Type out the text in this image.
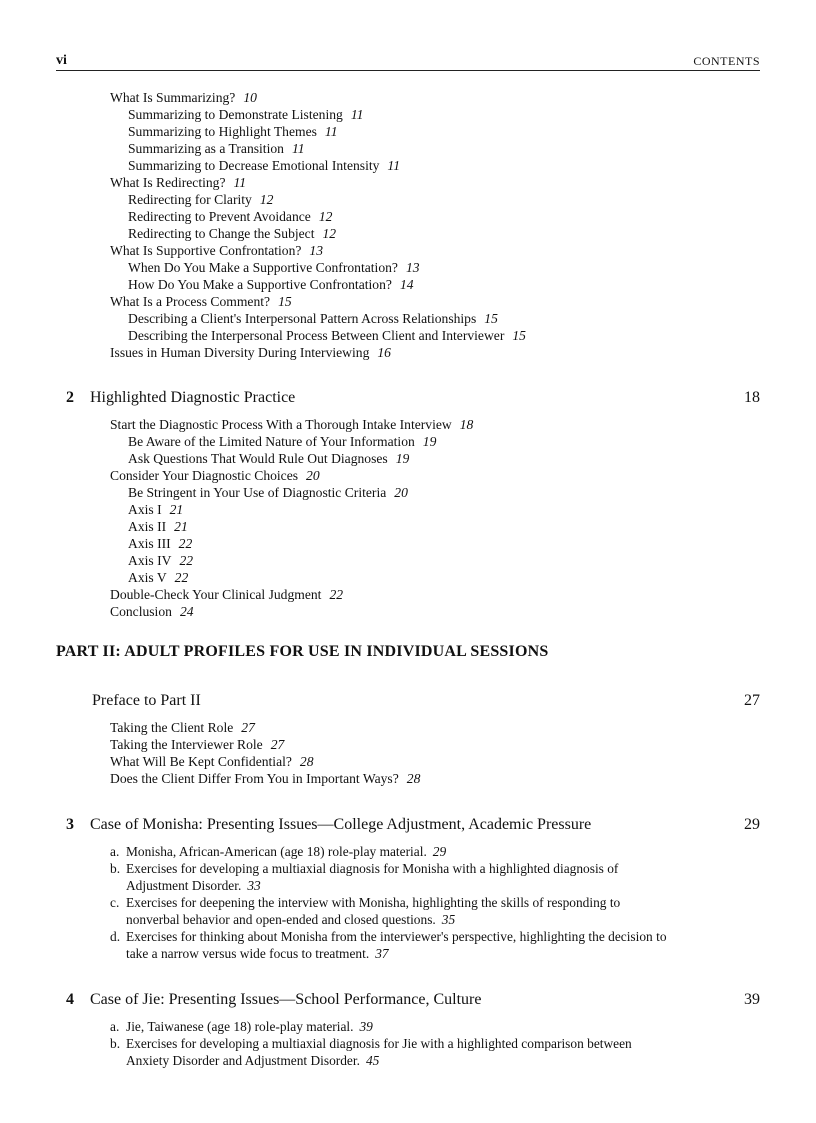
vi	CONTENTS
What Is Summarizing? 10
Summarizing to Demonstrate Listening 11
Summarizing to Highlight Themes 11
Summarizing as a Transition 11
Summarizing to Decrease Emotional Intensity 11
What Is Redirecting? 11
Redirecting for Clarity 12
Redirecting to Prevent Avoidance 12
Redirecting to Change the Subject 12
What Is Supportive Confrontation? 13
When Do You Make a Supportive Confrontation? 13
How Do You Make a Supportive Confrontation? 14
What Is a Process Comment? 15
Describing a Client's Interpersonal Pattern Across Relationships 15
Describing the Interpersonal Process Between Client and Interviewer 15
Issues in Human Diversity During Interviewing 16
2 Highlighted Diagnostic Practice	18
Start the Diagnostic Process With a Thorough Intake Interview 18
Be Aware of the Limited Nature of Your Information 19
Ask Questions That Would Rule Out Diagnoses 19
Consider Your Diagnostic Choices 20
Be Stringent in Your Use of Diagnostic Criteria 20
Axis I 21
Axis II 21
Axis III 22
Axis IV 22
Axis V 22
Double-Check Your Clinical Judgment 22
Conclusion 24
PART II: ADULT PROFILES FOR USE IN INDIVIDUAL SESSIONS
Preface to Part II	27
Taking the Client Role 27
Taking the Interviewer Role 27
What Will Be Kept Confidential? 28
Does the Client Differ From You in Important Ways? 28
3 Case of Monisha: Presenting Issues—College Adjustment, Academic Pressure	29
a. Monisha, African-American (age 18) role-play material. 29
b. Exercises for developing a multiaxial diagnosis for Monisha with a highlighted diagnosis of Adjustment Disorder. 33
c. Exercises for deepening the interview with Monisha, highlighting the skills of responding to nonverbal behavior and open-ended and closed questions. 35
d. Exercises for thinking about Monisha from the interviewer's perspective, highlighting the decision to take a narrow versus wide focus to treatment. 37
4 Case of Jie: Presenting Issues—School Performance, Culture	39
a. Jie, Taiwanese (age 18) role-play material. 39
b. Exercises for developing a multiaxial diagnosis for Jie with a highlighted comparison between Anxiety Disorder and Adjustment Disorder. 45
